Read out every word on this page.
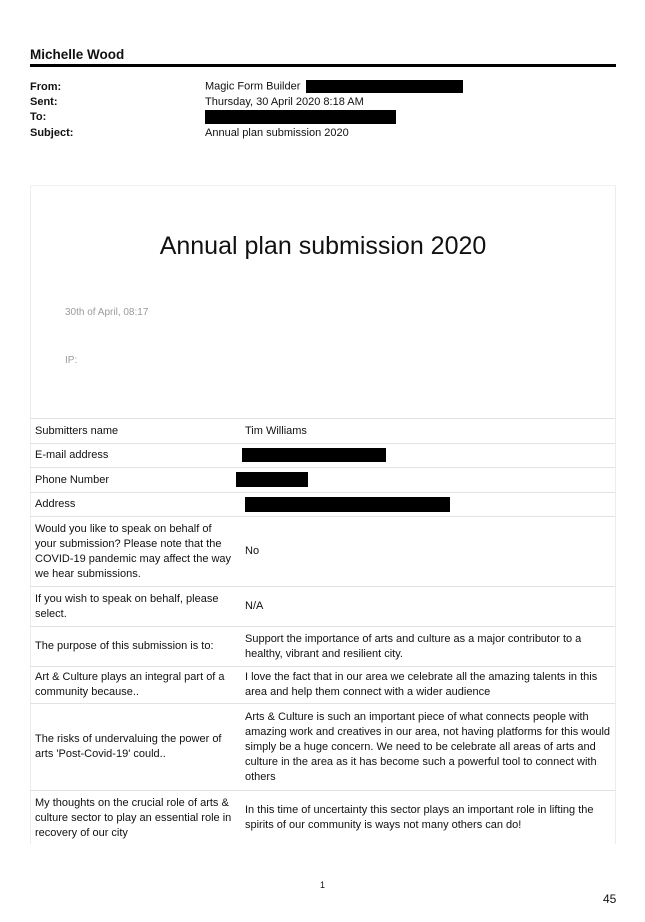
Michelle Wood
From:	Magic Form Builder
Sent:	Thursday, 30 April 2020 8:18 AM
To:
Subject:	Annual plan submission 2020
Annual plan submission 2020
30th of April, 08:17
IP:
Submitters name	Tim Williams
E-mail address	
Phone Number	
Address	
Would you like to speak on behalf of your submission? Please note that the COVID-19 pandemic may affect the way we hear submissions.	No
If you wish to speak on behalf, please select.	N/A
The purpose of this submission is to:	Support the importance of arts and culture as a major contributor to a healthy, vibrant and resilient city.
Art & Culture plays an integral part of a community because..	I love the fact that in our area we celebrate all the amazing talents in this area and help them connect with a wider audience
The risks of undervaluing the power of arts 'Post-Covid-19' could..	Arts & Culture is such an important piece of what connects people with amazing work and creatives in our area, not having platforms for this would simply be a huge concern. We need to be celebrate all areas of arts and culture in the area as it has become such a powerful tool to connect with others
My thoughts on the crucial role of arts & culture sector to play an essential role in recovery of our city	In this time of uncertainty this sector plays an important role in lifting the spirits of our community is ways not many others can do!
1
45
